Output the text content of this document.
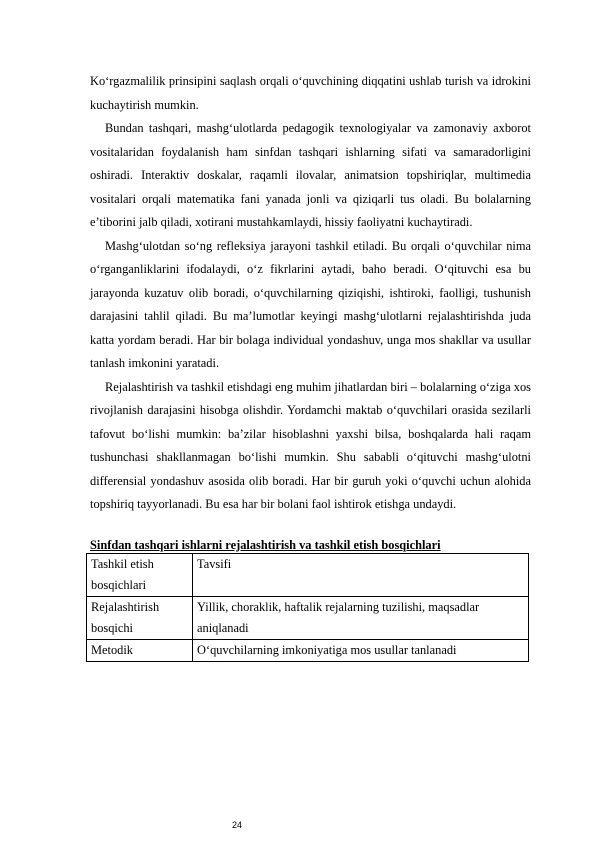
Ko‘rgazmalilik prinsipini saqlash orqali o‘quvchining diqqatini ushlab turish va idrokini kuchaytirish mumkin.

Bundan tashqari, mashg‘ulotlarda pedagogik texnologiyalar va zamonaviy axborot vositalaridan foydalanish ham sinfdan tashqari ishlarning sifati va samaradorligini oshiradi. Interaktiv doskalar, raqamli ilovalar, animatsion topshiriqlar, multimedia vositalari orqali matematika fani yanada jonli va qiziqarli tus oladi. Bu bolalarning e’tiborini jalb qiladi, xotirani mustahkamlaydi, hissiy faoliyatni kuchaytiradi.

Mashg‘ulotdan so‘ng refleksiya jarayoni tashkil etiladi. Bu orqali o‘quvchilar nima o‘rganganliklarini ifodalaydi, o‘z fikrlarini aytadi, baho beradi. O‘qituvchi esa bu jarayonda kuzatuv olib boradi, o‘quvchilarning qiziqishi, ishtiroki, faolligi, tushunish darajasini tahlil qiladi. Bu ma’lumotlar keyingi mashg‘ulotlarni rejalashtirishda juda katta yordam beradi. Har bir bolaga individual yondashuv, unga mos shakllar va usullar tanlash imkonini yaratadi.

Rejalashtirish va tashkil etishdagi eng muhim jihatlardan biri – bolalarning o‘ziga xos rivojlanish darajasini hisobga olishdir. Yordamchi maktab o‘quvchilari orasida sezilarli tafovut bo‘lishi mumkin: ba’zilar hisoblashni yaxshi bilsa, boshqalarda hali raqam tushunchasi shakllanmagan bo‘lishi mumkin. Shu sababli o‘qituvchi mashg‘ulotni differensial yondashuv asosida olib boradi. Har bir guruh yoki o‘quvchi uchun alohida topshiriq tayyorlanadi. Bu esa har bir bolani faol ishtirok etishga undaydi.

Sinfdan tashqari ishlarni rejalashtirish va tashkil etish bosqichlari

Tashkil etish bosqichlari	Tavsifi
Rejalashtirish bosqichi	Yillik, choraklik, haftalik rejalarning tuzilishi, maqsadlar aniqlanadi
Metodik	O‘quvchilarning imkoniyatiga mos usullar tanlanadi
24
